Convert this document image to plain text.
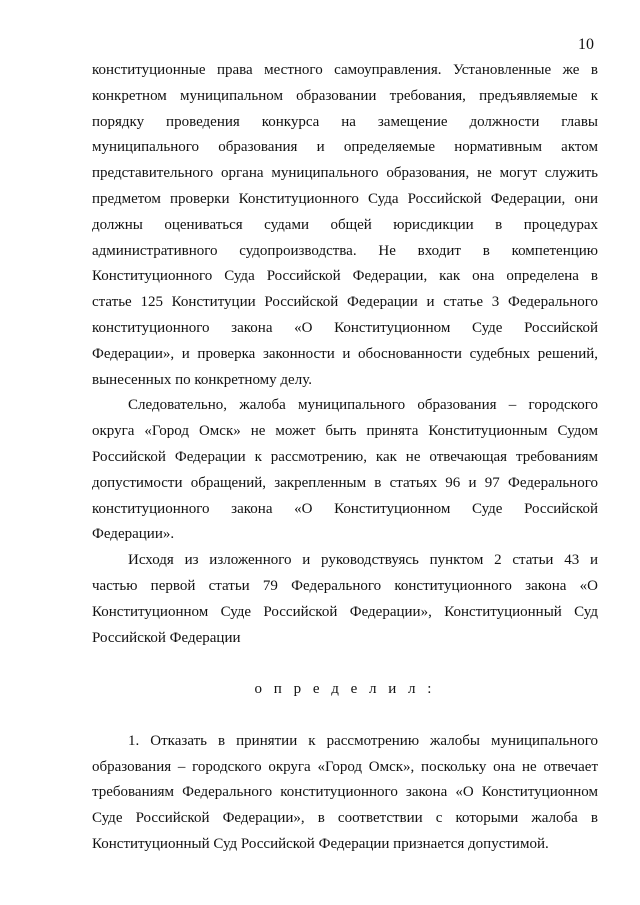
10
конституционные права местного самоуправления. Установленные же в
конкретном муниципальном образовании требования, предъявляемые к
порядку проведения конкурса на замещение должности главы
муниципального образования и определяемые нормативным актом
представительного органа муниципального образования, не могут служить
предметом проверки Конституционного Суда Российской Федерации, они
должны оцениваться судами общей юрисдикции в процедурах
административного судопроизводства. Не входит в компетенцию
Конституционного Суда Российской Федерации, как она определена в
статье 125 Конституции Российской Федерации и статье 3 Федерального
конституционного закона «О Конституционном Суде Российской
Федерации», и проверка законности и обоснованности судебных решений,
вынесенных по конкретному делу.
Следовательно, жалоба муниципального образования – городского
округа «Город Омск» не может быть принята Конституционным Судом
Российской Федерации к рассмотрению, как не отвечающая требованиям
допустимости обращений, закрепленным в статьях 96 и 97 Федерального
конституционного закона «О Конституционном Суде Российской
Федерации».
Исходя из изложенного и руководствуясь пунктом 2 статьи 43 и
частью первой статьи 79 Федерального конституционного закона «О
Конституционном Суде Российской Федерации», Конституционный Суд
Российской Федерации
о п р е д е л и л :
1. Отказать в принятии к рассмотрению жалобы муниципального
образования – городского округа «Город Омск», поскольку она не отвечает
требованиям Федерального конституционного закона «О Конституционном
Суде Российской Федерации», в соответствии с которыми жалоба в
Конституционный Суд Российской Федерации признается допустимой.
